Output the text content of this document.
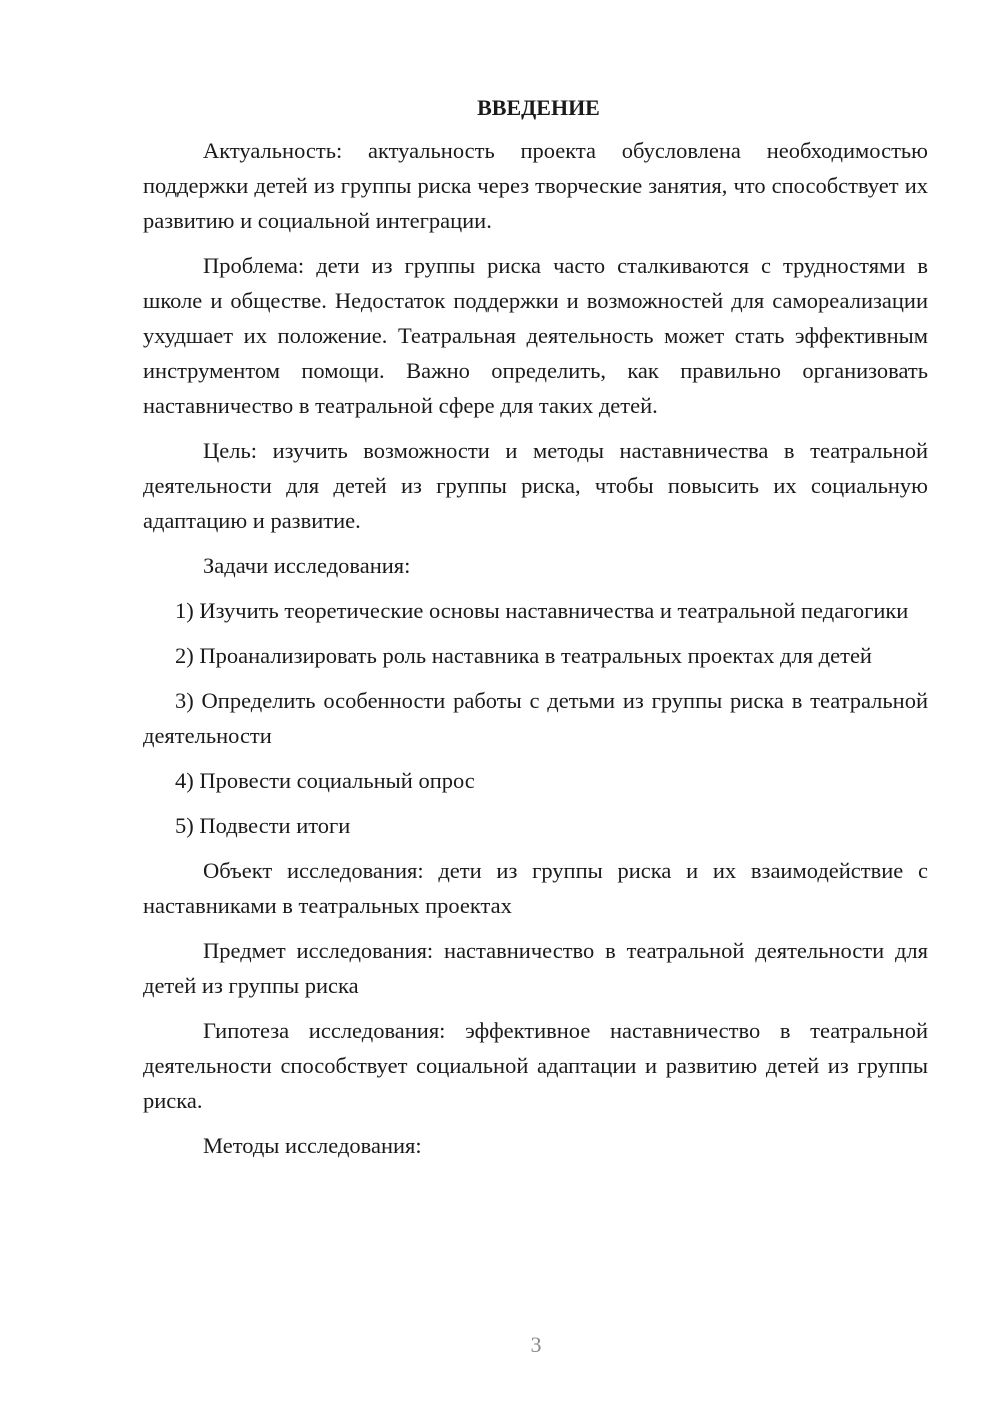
ВВЕДЕНИЕ

Актуальность: актуальность проекта обусловлена необходимостью поддержки детей из группы риска через творческие занятия, что способствует их развитию и социальной интеграции.

Проблема: дети из группы риска часто сталкиваются с трудностями в школе и обществе. Недостаток поддержки и возможностей для самореализации ухудшает их положение. Театральная деятельность может стать эффективным инструментом помощи. Важно определить, как правильно организовать наставничество в театральной сфере для таких детей.

Цель: изучить возможности и методы наставничества в театральной деятельности для детей из группы риска, чтобы повысить их социальную адаптацию и развитие.

Задачи исследования:

1) Изучить теоретические основы наставничества и театральной педагогики

2) Проанализировать роль наставника в театральных проектах для детей

3) Определить особенности работы с детьми из группы риска в театральной деятельности

4) Провести социальный опрос

5) Подвести итоги

Объект исследования: дети из группы риска и их взаимодействие с наставниками в театральных проектах

Предмет исследования: наставничество в театральной деятельности для детей из группы риска

Гипотеза исследования: эффективное наставничество в театральной деятельности способствует социальной адаптации и развитию детей из группы риска.

Методы исследования:

3
